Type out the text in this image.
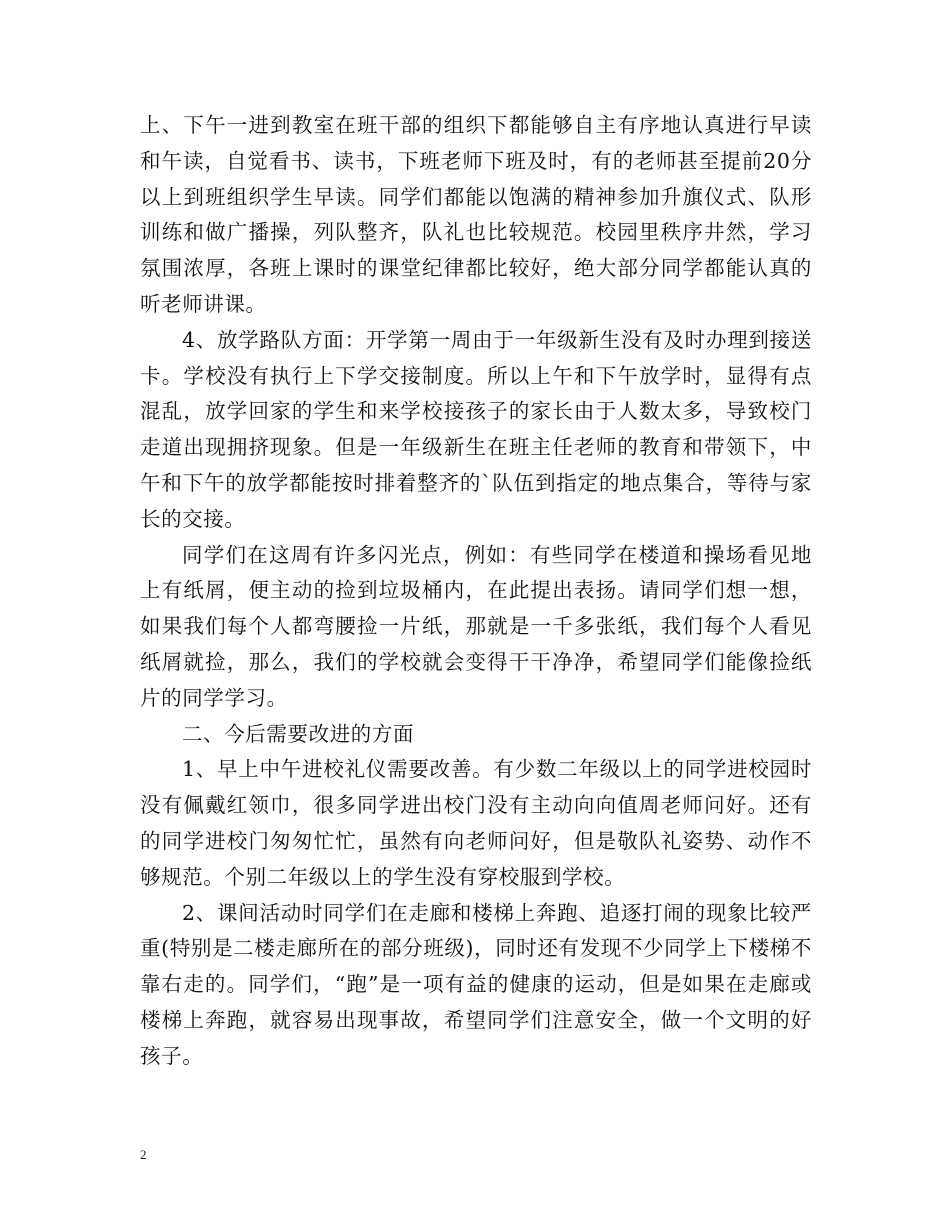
上、下午一进到教室在班干部的组织下都能够自主有序地认真进行早读和午读，自觉看书、读书，下班老师下班及时，有的老师甚至提前20分以上到班组织学生早读。同学们都能以饱满的精神参加升旗仪式、队形训练和做广播操，列队整齐，队礼也比较规范。校园里秩序井然，学习氛围浓厚，各班上课时的课堂纪律都比较好，绝大部分同学都能认真的听老师讲课。

4、放学路队方面：开学第一周由于一年级新生没有及时办理到接送卡。学校没有执行上下学交接制度。所以上午和下午放学时，显得有点混乱，放学回家的学生和来学校接孩子的家长由于人数太多，导致校门走道出现拥挤现象。但是一年级新生在班主任老师的教育和带领下，中午和下午的放学都能按时排着整齐的`队伍到指定的地点集合，等待与家长的交接。

同学们在这周有许多闪光点，例如：有些同学在楼道和操场看见地上有纸屑，便主动的捡到垃圾桶内，在此提出表扬。请同学们想一想，如果我们每个人都弯腰捡一片纸，那就是一千多张纸，我们每个人看见纸屑就捡，那么，我们的学校就会变得干干净净，希望同学们能像捡纸片的同学学习。

二、今后需要改进的方面

1、早上中午进校礼仪需要改善。有少数二年级以上的同学进校园时没有佩戴红领巾，很多同学进出校门没有主动向向值周老师问好。还有的同学进校门匆匆忙忙，虽然有向老师问好，但是敬队礼姿势、动作不够规范。个别二年级以上的学生没有穿校服到学校。

2、课间活动时同学们在走廊和楼梯上奔跑、追逐打闹的现象比较严重(特别是二楼走廊所在的部分班级)，同时还有发现不少同学上下楼梯不靠右走的。同学们，“跑”是一项有益的健康的运动，但是如果在走廊或楼梯上奔跑，就容易出现事故，希望同学们注意安全，做一个文明的好孩子。

2
